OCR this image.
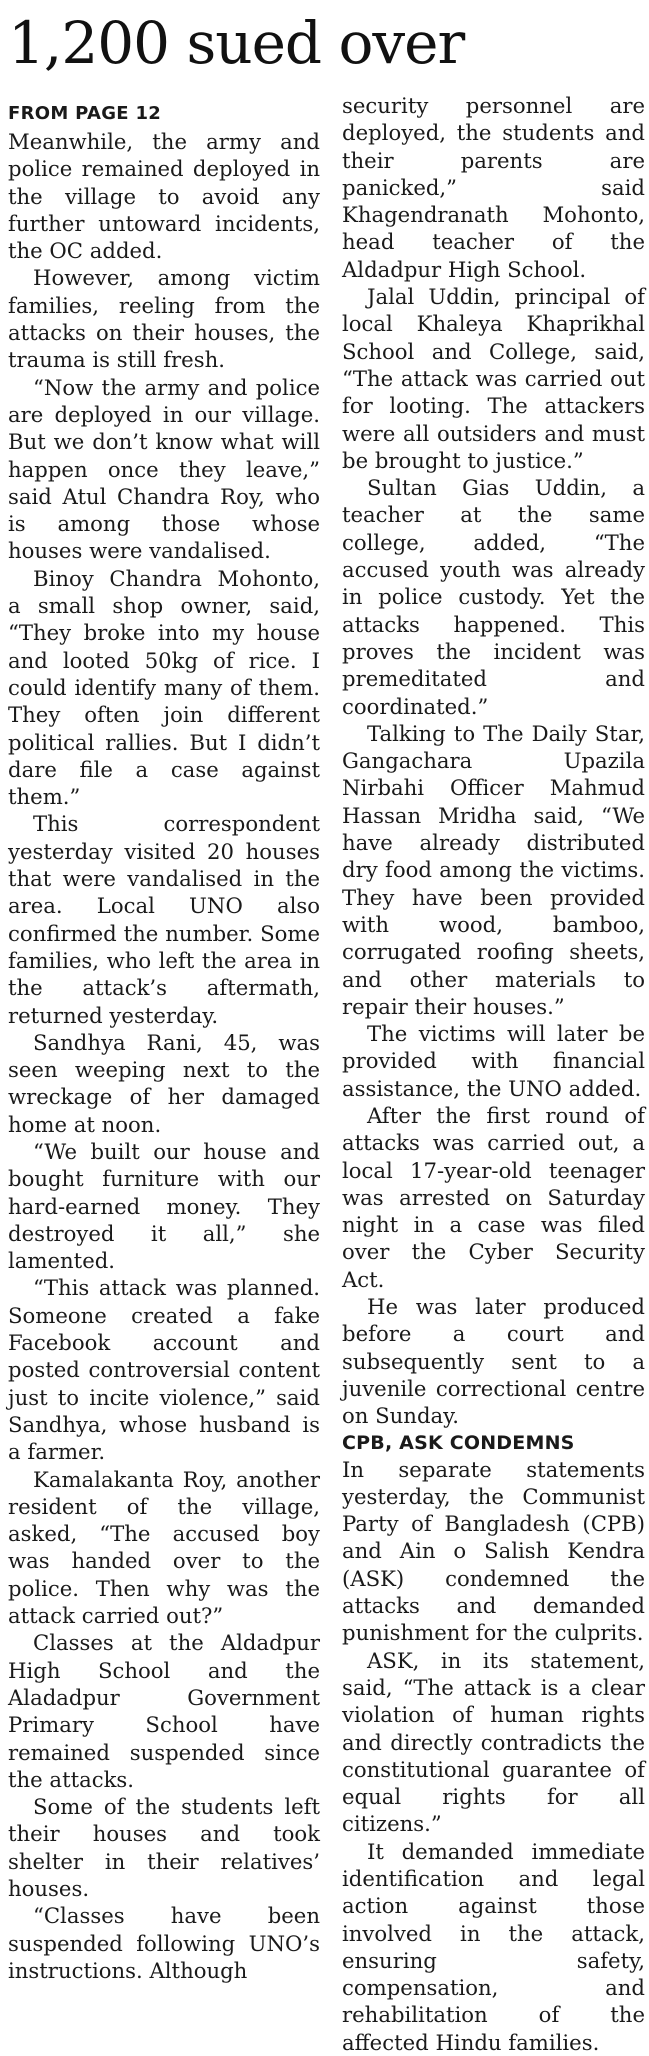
1,200 sued over
FROM PAGE 12

Meanwhile, the army and police remained deployed in the village to avoid any further untoward incidents, the OC added.

However, among victim families, reeling from the attacks on their houses, the trauma is still fresh.

“Now the army and police are deployed in our village. But we don’t know what will happen once they leave,” said Atul Chandra Roy, who is among those whose houses were vandalised.

Binoy Chandra Mohonto, a small shop owner, said, “They broke into my house and looted 50kg of rice. I could identify many of them. They often join different political rallies. But I didn’t dare file a case against them.”

This correspondent yesterday visited 20 houses that were vandalised in the area. Local UNO also confirmed the number. Some families, who left the area in the attack’s aftermath, returned yesterday.

Sandhya Rani, 45, was seen weeping next to the wreckage of her damaged home at noon.

“We built our house and bought furniture with our hard-earned money. They destroyed it all,” she lamented.

“This attack was planned. Someone created a fake Facebook account and posted controversial content just to incite violence,” said Sandhya, whose husband is a farmer.

Kamalakanta Roy, another resident of the village, asked, “The accused boy was handed over to the police. Then why was the attack carried out?”

Classes at the Aldadpur High School and the Aladadpur Government Primary School have remained suspended since the attacks.

Some of the students left their houses and took shelter in their relatives’ houses.

“Classes have been suspended following UNO’s instructions. Although

security personnel are deployed, the students and their parents are panicked,” said Khagendranath Mohonto, head teacher of the Aldadpur High School.

Jalal Uddin, principal of local Khaleya Khaprikhal School and College, said, “The attack was carried out for looting. The attackers were all outsiders and must be brought to justice.”

Sultan Gias Uddin, a teacher at the same college, added, “The accused youth was already in police custody. Yet the attacks happened. This proves the incident was premeditated and coordinated.”

Talking to The Daily Star, Gangachara Upazila Nirbahi Officer Mahmud Hassan Mridha said, “We have already distributed dry food among the victims. They have been provided with wood, bamboo, corrugated roofing sheets, and other materials to repair their houses.”

The victims will later be provided with financial assistance, the UNO added.

After the first round of attacks was carried out, a local 17-year-old teenager was arrested on Saturday night in a case was filed over the Cyber Security Act.

He was later produced before a court and subsequently sent to a juvenile correctional centre on Sunday.

CPB, ASK CONDEMNS

In separate statements yesterday, the Communist Party of Bangladesh (CPB) and Ain o Salish Kendra (ASK) condemned the attacks and demanded punishment for the culprits.

ASK, in its statement, said, “The attack is a clear violation of human rights and directly contradicts the constitutional guarantee of equal rights for all citizens.”

It demanded immediate identification and legal action against those involved in the attack, ensuring safety, compensation, and rehabilitation of the affected Hindu families.
